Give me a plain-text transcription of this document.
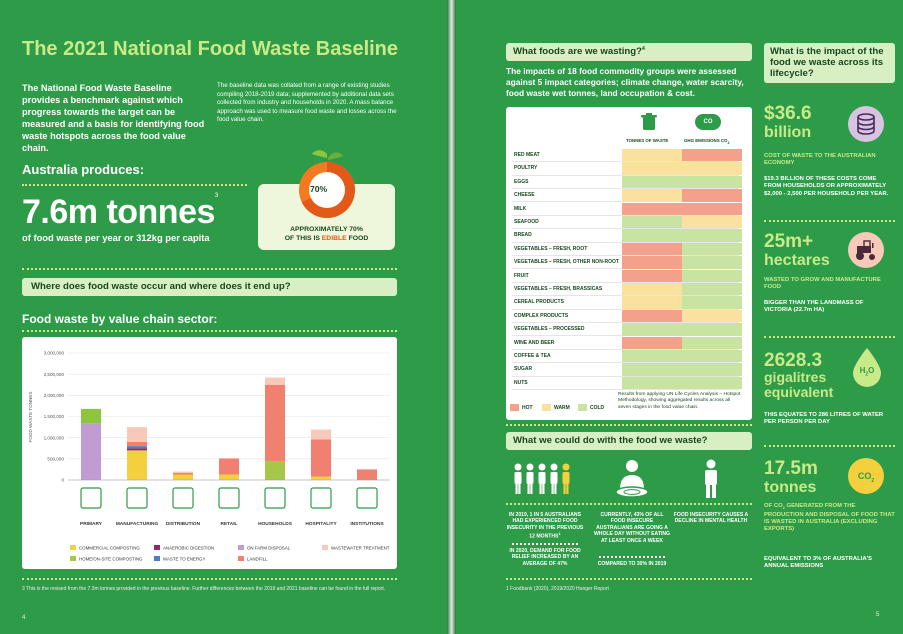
The 2021 National Food Waste Baseline
The National Food Waste Baseline provides a benchmark against which progress towards the target can be measured and a basis for identifying food waste hotspots across the food value chain.
The baseline data was collated from a range of existing studies compiling 2018-2019 data; supplemented by additional data sets collected from industry and households in 2020. A mass balance approach was used to measure food waste and losses across the food value chain.
Australia produces:
7.6m tonnes$^3$
of food waste per year or 312kg per capita
70%
APPROXIMATELY 70%
OF THIS IS EDIBLE FOOD
Where does food waste occur and where does it end up?
Food waste by value chain sector:
FOOD WASTE TONNES
0
500,000
1,000,000
1,500,000
2,000,000
2,500,000
3,000,000
PRIMARY	MANUFACTURING DISTRIBUTION	RETAIL	HOUSEHOLDS	HOSPITALITY	INSTITUTIONS
COMMERCIAL COMPOSTING	ANAEROBIC DIGESTION	ON FARM DISPOSAL	WASTEWATER TREATMENT
HOME/ON-SITE COMPOSTING	WASTE TO ENERGY	LANDFILL
3 This is the revised from the 7.3m tonnes provided in the previous baseline. Further differences between the 2019 and 2021 baseline can be found in the full report.
4
What foods are we wasting?$^4$
The impacts of 18 food commodity groups were assessed against 5 impact categories; climate change, water scarcity, food waste wet tonnes, land occupation & cost.
CO
TONNES OF WASTE	GHG EMISSIONS $CO_2$
RED MEAT
POULTRY
EGGS
CHEESE
MILK
SEAFOOD
BREAD
VEGETABLES – FRESH, ROOT
VEGETABLES – FRESH, OTHER NON-ROOT
FRUIT
VEGETABLES – FRESH, BRASSICAS
CEREAL PRODUCTS
COMPLEX PRODUCTS
VEGETABLES – PROCESSED
WINE AND BEER
COFFEE & TEA
SUGAR
NUTS
HOT	WARM	COLD
Results from applying UN Life Cycles Analysis – Hotspot Methodology, showing aggregated results across all seven stages in the food value chain.
What we could do with the food we waste?
IN 2019, 1 IN 5 AUSTRALIANS HAD EXPERIENCED FOOD INSECURITY IN THE PREVIOUS 12 MONTHS$^1$
IN 2020, DEMAND FOR FOOD RELIEF INCREASED BY AN AVERAGE OF 47%
CURRENTLY, 43% OF ALL FOOD INSECURE AUSTRALIANS ARE GOING A WHOLE DAY WITHOUT EATING AT LEAST ONCE A WEEK
COMPARED TO 30% IN 2019
FOOD INSECURITY CAUSES A DECLINE IN MENTAL HEALTH
1 Foodbank (2020), 2019/2020 Hunger Report
5
What is the impact of the food we waste across its lifecycle?
$36.6
billion
COST OF WASTE TO THE AUSTRALIAN ECONOMY
$19.3 BILLION OF THESE COSTS COME FROM HOUSEHOLDS OR APPROXIMATELY $2,000 - 2,500 PER HOUSEHOLD PER YEAR.
25m+
hectares
WASTED TO GROW AND MANUFACTURE FOOD
BIGGER THAN THE LANDMASS OF VICTORIA (22.7m HA)
2628.3
gigalitres
equivalent
$H_2O$
THIS EQUATES TO 286 LITRES OF WATER PER PERSON PER DAY
17.5m
tonnes
$CO_2$
OF $CO_2$ GENERATED FROM THE PRODUCTION AND DISPOSAL OF FOOD THAT IS WASTED IN AUSTRALIA (EXCLUDING EXPORTS)
EQUIVALENT TO 3% OF AUSTRALIA'S ANNUAL EMISSIONS
